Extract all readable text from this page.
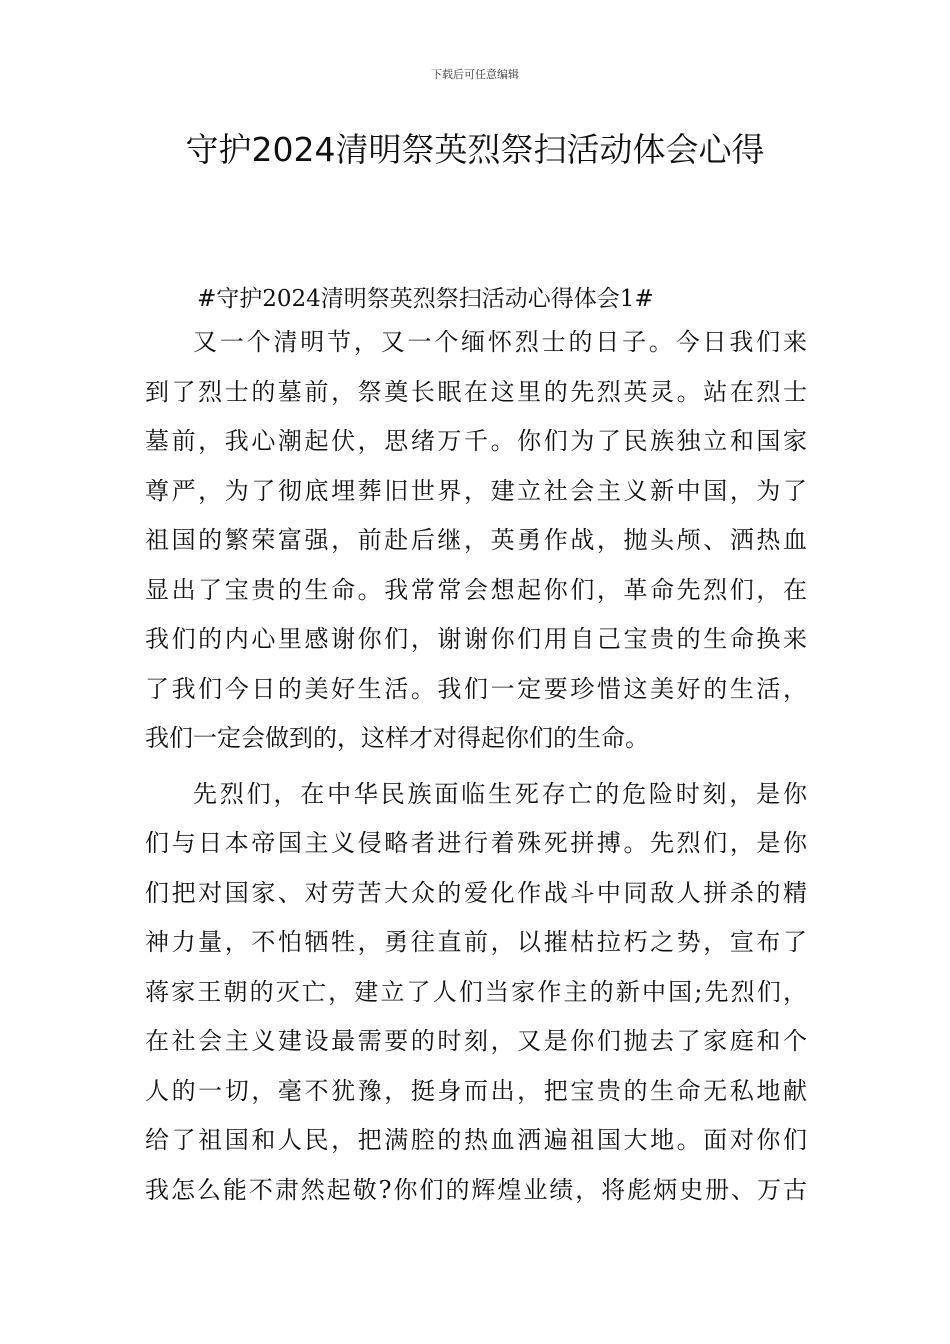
下载后可任意编辑
守护2024清明祭英烈祭扫活动体会心得

#守护2024清明祭英烈祭扫活动心得体会1#

又一个清明节，又一个缅怀烈士的日子。今日我们来
到了烈士的墓前，祭奠长眠在这里的先烈英灵。站在烈士
墓前，我心潮起伏，思绪万千。你们为了民族独立和国家
尊严，为了彻底埋葬旧世界，建立社会主义新中国，为了
祖国的繁荣富强，前赴后继，英勇作战，抛头颅、洒热血
显出了宝贵的生命。我常常会想起你们，革命先烈们，在
我们的内心里感谢你们，谢谢你们用自己宝贵的生命换来
了我们今日的美好生活。我们一定要珍惜这美好的生活，
我们一定会做到的，这样才对得起你们的生命。
先烈们，在中华民族面临生死存亡的危险时刻，是你
们与日本帝国主义侵略者进行着殊死拼搏。先烈们，是你
们把对国家、对劳苦大众的爱化作战斗中同敌人拼杀的精
神力量，不怕牺牲，勇往直前，以摧枯拉朽之势，宣布了
蒋家王朝的灭亡，建立了人们当家作主的新中国;先烈们，
在社会主义建设最需要的时刻，又是你们抛去了家庭和个
人的一切，毫不犹豫，挺身而出，把宝贵的生命无私地献
给了祖国和人民，把满腔的热血洒遍祖国大地。面对你们
我怎么能不肃然起敬?你们的辉煌业绩，将彪炳史册、万古
